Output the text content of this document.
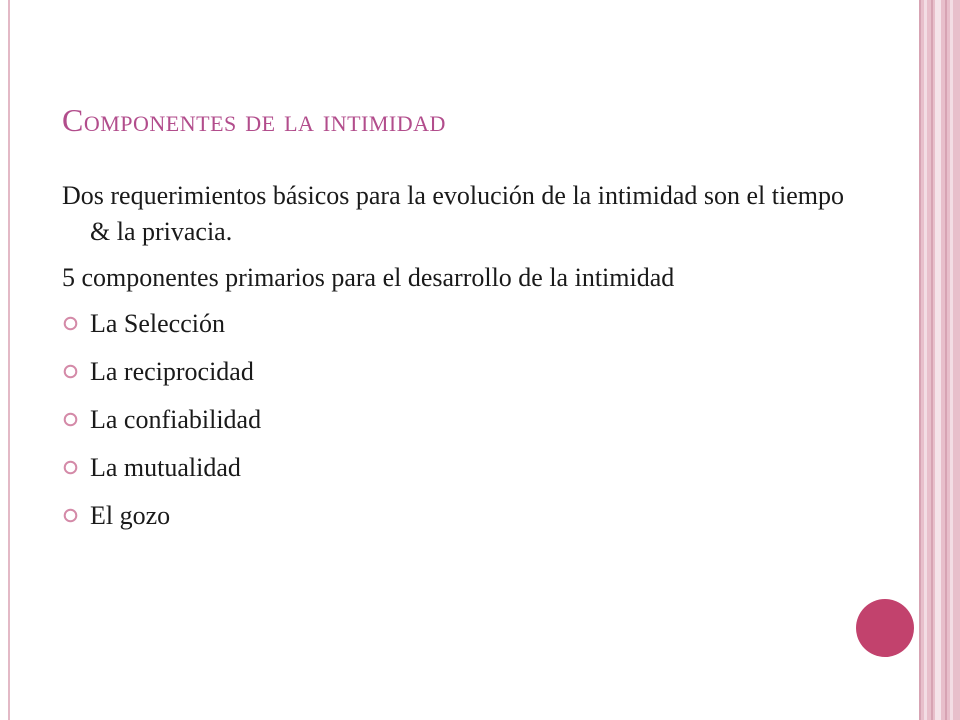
Componentes de la intimidad

Dos requerimientos básicos para la evolución de la intimidad son el tiempo & la privacia.

5 componentes primarios para el desarrollo de la intimidad

La Selección
La reciprocidad
La confiabilidad
La mutualidad
El gozo
